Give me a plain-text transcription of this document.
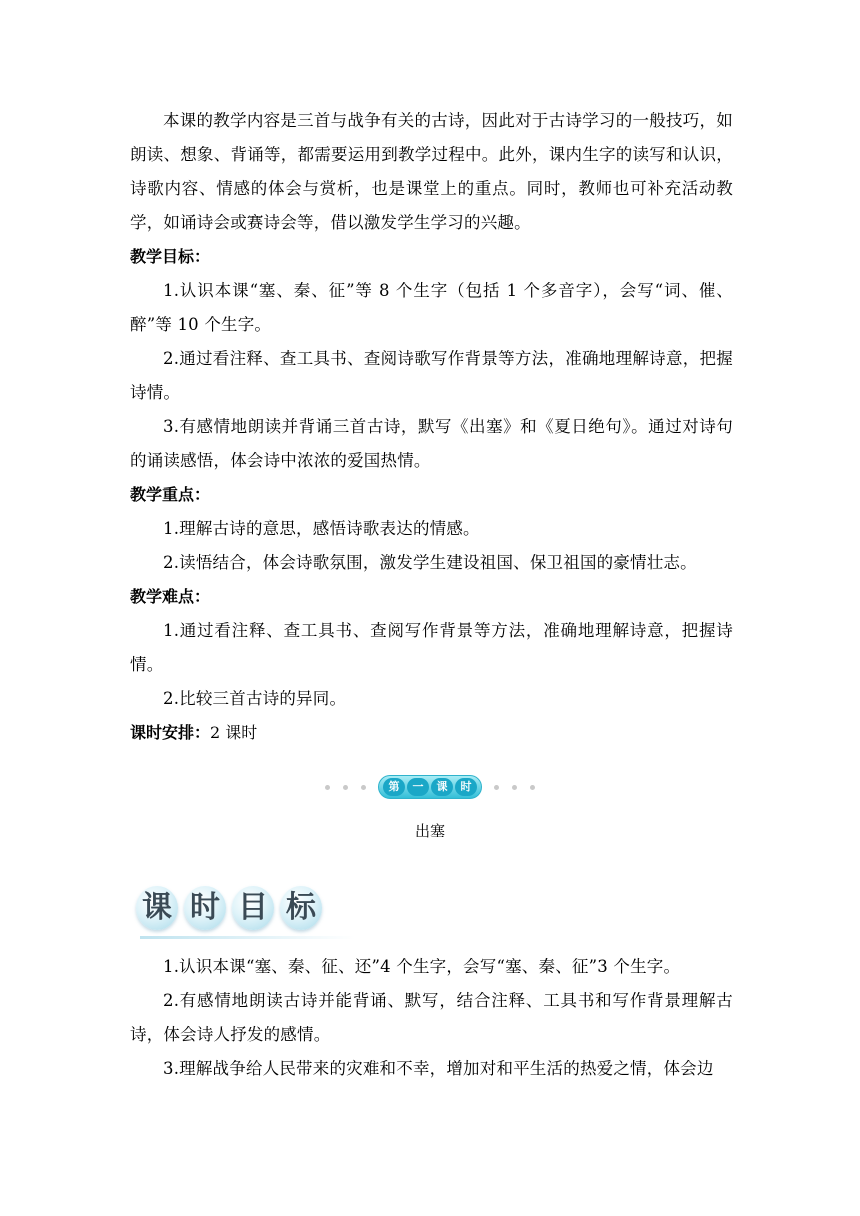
本课的教学内容是三首与战争有关的古诗，因此对于古诗学习的一般技巧，如朗读、想象、背诵等，都需要运用到教学过程中。此外，课内生字的读写和认识，诗歌内容、情感的体会与赏析，也是课堂上的重点。同时，教师也可补充活动教学，如诵诗会或赛诗会等，借以激发学生学习的兴趣。

教学目标：

1.认识本课“塞、秦、征”等 8 个生字（包括 1 个多音字），会写“词、催、醉”等 10 个生字。

2.通过看注释、查工具书、查阅诗歌写作背景等方法，准确地理解诗意，把握诗情。

3.有感情地朗读并背诵三首古诗，默写《出塞》和《夏日绝句》。通过对诗句的诵读感悟，体会诗中浓浓的爱国热情。

教学重点：

1.理解古诗的意思，感悟诗歌表达的情感。

2.读悟结合，体会诗歌氛围，激发学生建设祖国、保卫祖国的豪情壮志。

教学难点：

1.通过看注释、查工具书、查阅写作背景等方法，准确地理解诗意，把握诗情。

2.比较三首古诗的异同。

课时安排：2 课时

第	一	课	时
出塞
课 时 目 标

1.认识本课“塞、秦、征、还”4 个生字，会写“塞、秦、征”3 个生字。

2.有感情地朗读古诗并能背诵、默写，结合注释、工具书和写作背景理解古诗，体会诗人抒发的感情。

3.理解战争给人民带来的灾难和不幸，增加对和平生活的热爱之情，体会边
